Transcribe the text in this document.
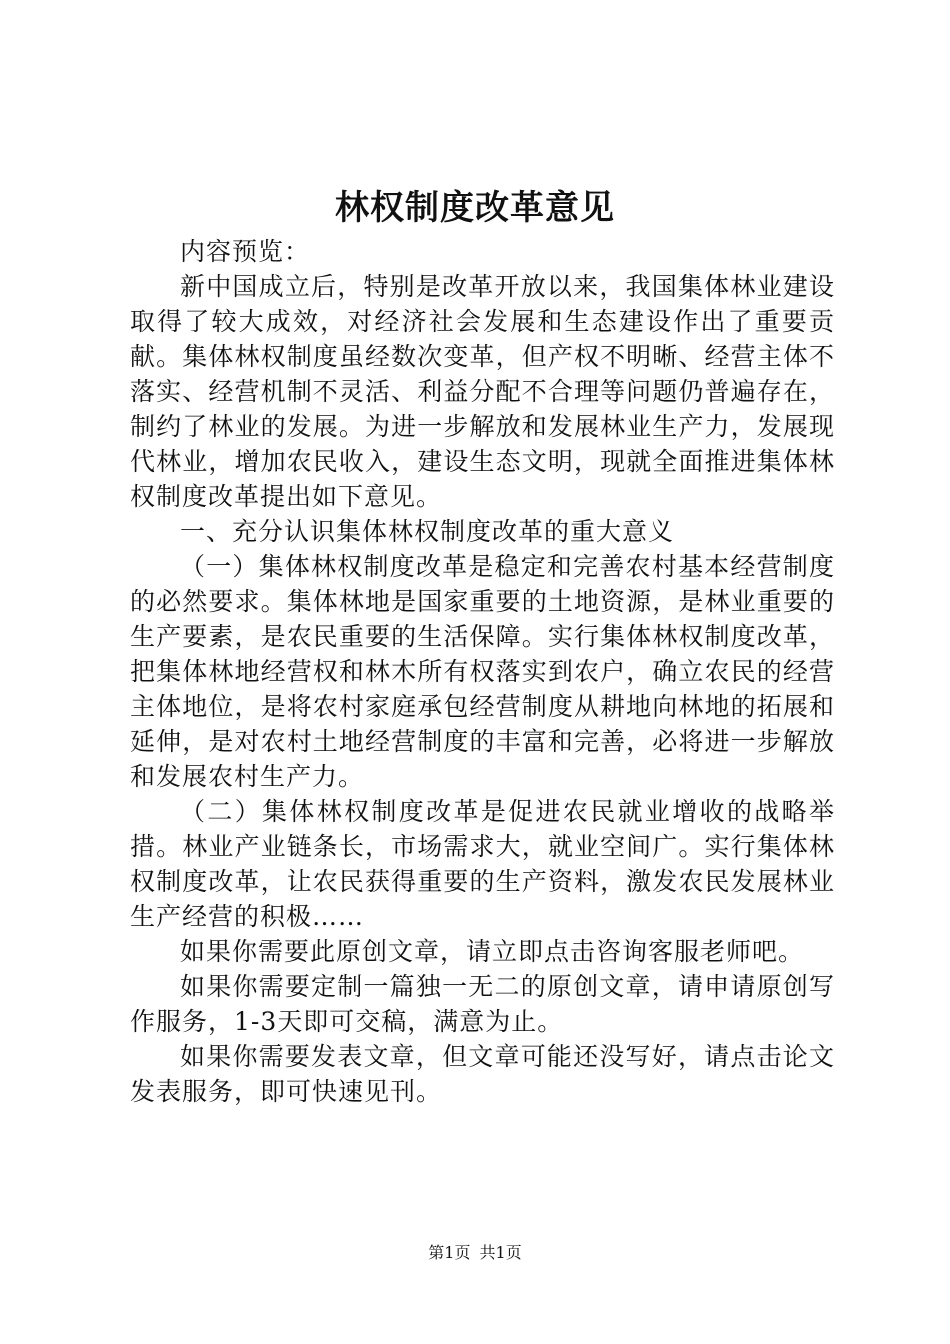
林权制度改革意见

内容预览：

新中国成立后，特别是改革开放以来，我国集体林业建设取得了较大成效，对经济社会发展和生态建设作出了重要贡献。集体林权制度虽经数次变革，但产权不明晰、经营主体不落实、经营机制不灵活、利益分配不合理等问题仍普遍存在，制约了林业的发展。为进一步解放和发展林业生产力，发展现代林业，增加农民收入，建设生态文明，现就全面推进集体林权制度改革提出如下意见。

一、充分认识集体林权制度改革的重大意义

（一）集体林权制度改革是稳定和完善农村基本经营制度的必然要求。集体林地是国家重要的土地资源，是林业重要的生产要素，是农民重要的生活保障。实行集体林权制度改革，把集体林地经营权和林木所有权落实到农户，确立农民的经营主体地位，是将农村家庭承包经营制度从耕地向林地的拓展和延伸，是对农村土地经营制度的丰富和完善，必将进一步解放和发展农村生产力。

（二）集体林权制度改革是促进农民就业增收的战略举措。林业产业链条长，市场需求大，就业空间广。实行集体林权制度改革，让农民获得重要的生产资料，激发农民发展林业生产经营的积极……

如果你需要此原创文章，请立即点击咨询客服老师吧。

如果你需要定制一篇独一无二的原创文章，请申请原创写作服务，1-3天即可交稿，满意为止。

如果你需要发表文章，但文章可能还没写好，请点击论文发表服务，即可快速见刊。

第1页 共1页
